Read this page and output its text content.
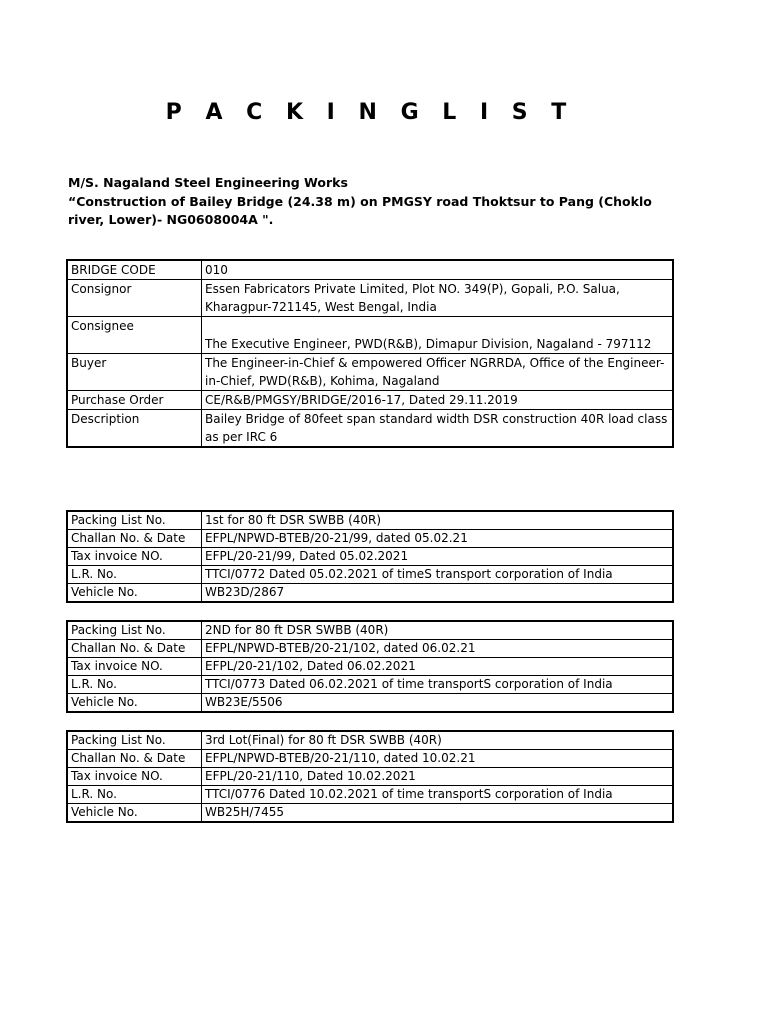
P A C K I N G L I S T
M/S. Nagaland Steel Engineering Works
“Construction of Bailey Bridge (24.38 m) on PMGSY road Thoktsur to Pang (Choklo river, Lower)- NG0608004A ".
BRIDGE CODE	010
Consignor	Essen Fabricators Private Limited, Plot NO. 349(P), Gopali, P.O. Salua, Kharagpur-721145, West Bengal, India
Consignee	The Executive Engineer, PWD(R&B), Dimapur Division, Nagaland - 797112
Buyer	The Engineer-in-Chief & empowered Officer NGRRDA, Office of the Engineer-in-Chief, PWD(R&B), Kohima, Nagaland
Purchase Order	CE/R&B/PMGSY/BRIDGE/2016-17, Dated 29.11.2019
Description	Bailey Bridge of 80feet span standard width DSR construction 40R load class as per IRC 6
Packing List No.	1st for 80 ft DSR SWBB (40R)
Challan No. & Date	EFPL/NPWD-BTEB/20-21/99, dated 05.02.21
Tax invoice NO.	EFPL/20-21/99, Dated 05.02.2021
L.R. No.	TTCI/0772 Dated 05.02.2021 of timeS transport corporation of India
Vehicle No.	WB23D/2867
Packing List No.	2ND for 80 ft DSR SWBB (40R)
Challan No. & Date	EFPL/NPWD-BTEB/20-21/102, dated 06.02.21
Tax invoice NO.	EFPL/20-21/102, Dated 06.02.2021
L.R. No.	TTCI/0773 Dated 06.02.2021 of time transportS corporation of India
Vehicle No.	WB23E/5506
Packing List No.	3rd Lot(Final) for 80 ft DSR SWBB (40R)
Challan No. & Date	EFPL/NPWD-BTEB/20-21/110, dated 10.02.21
Tax invoice NO.	EFPL/20-21/110, Dated 10.02.2021
L.R. No.	TTCI/0776 Dated 10.02.2021 of time transportS corporation of India
Vehicle No.	WB25H/7455
